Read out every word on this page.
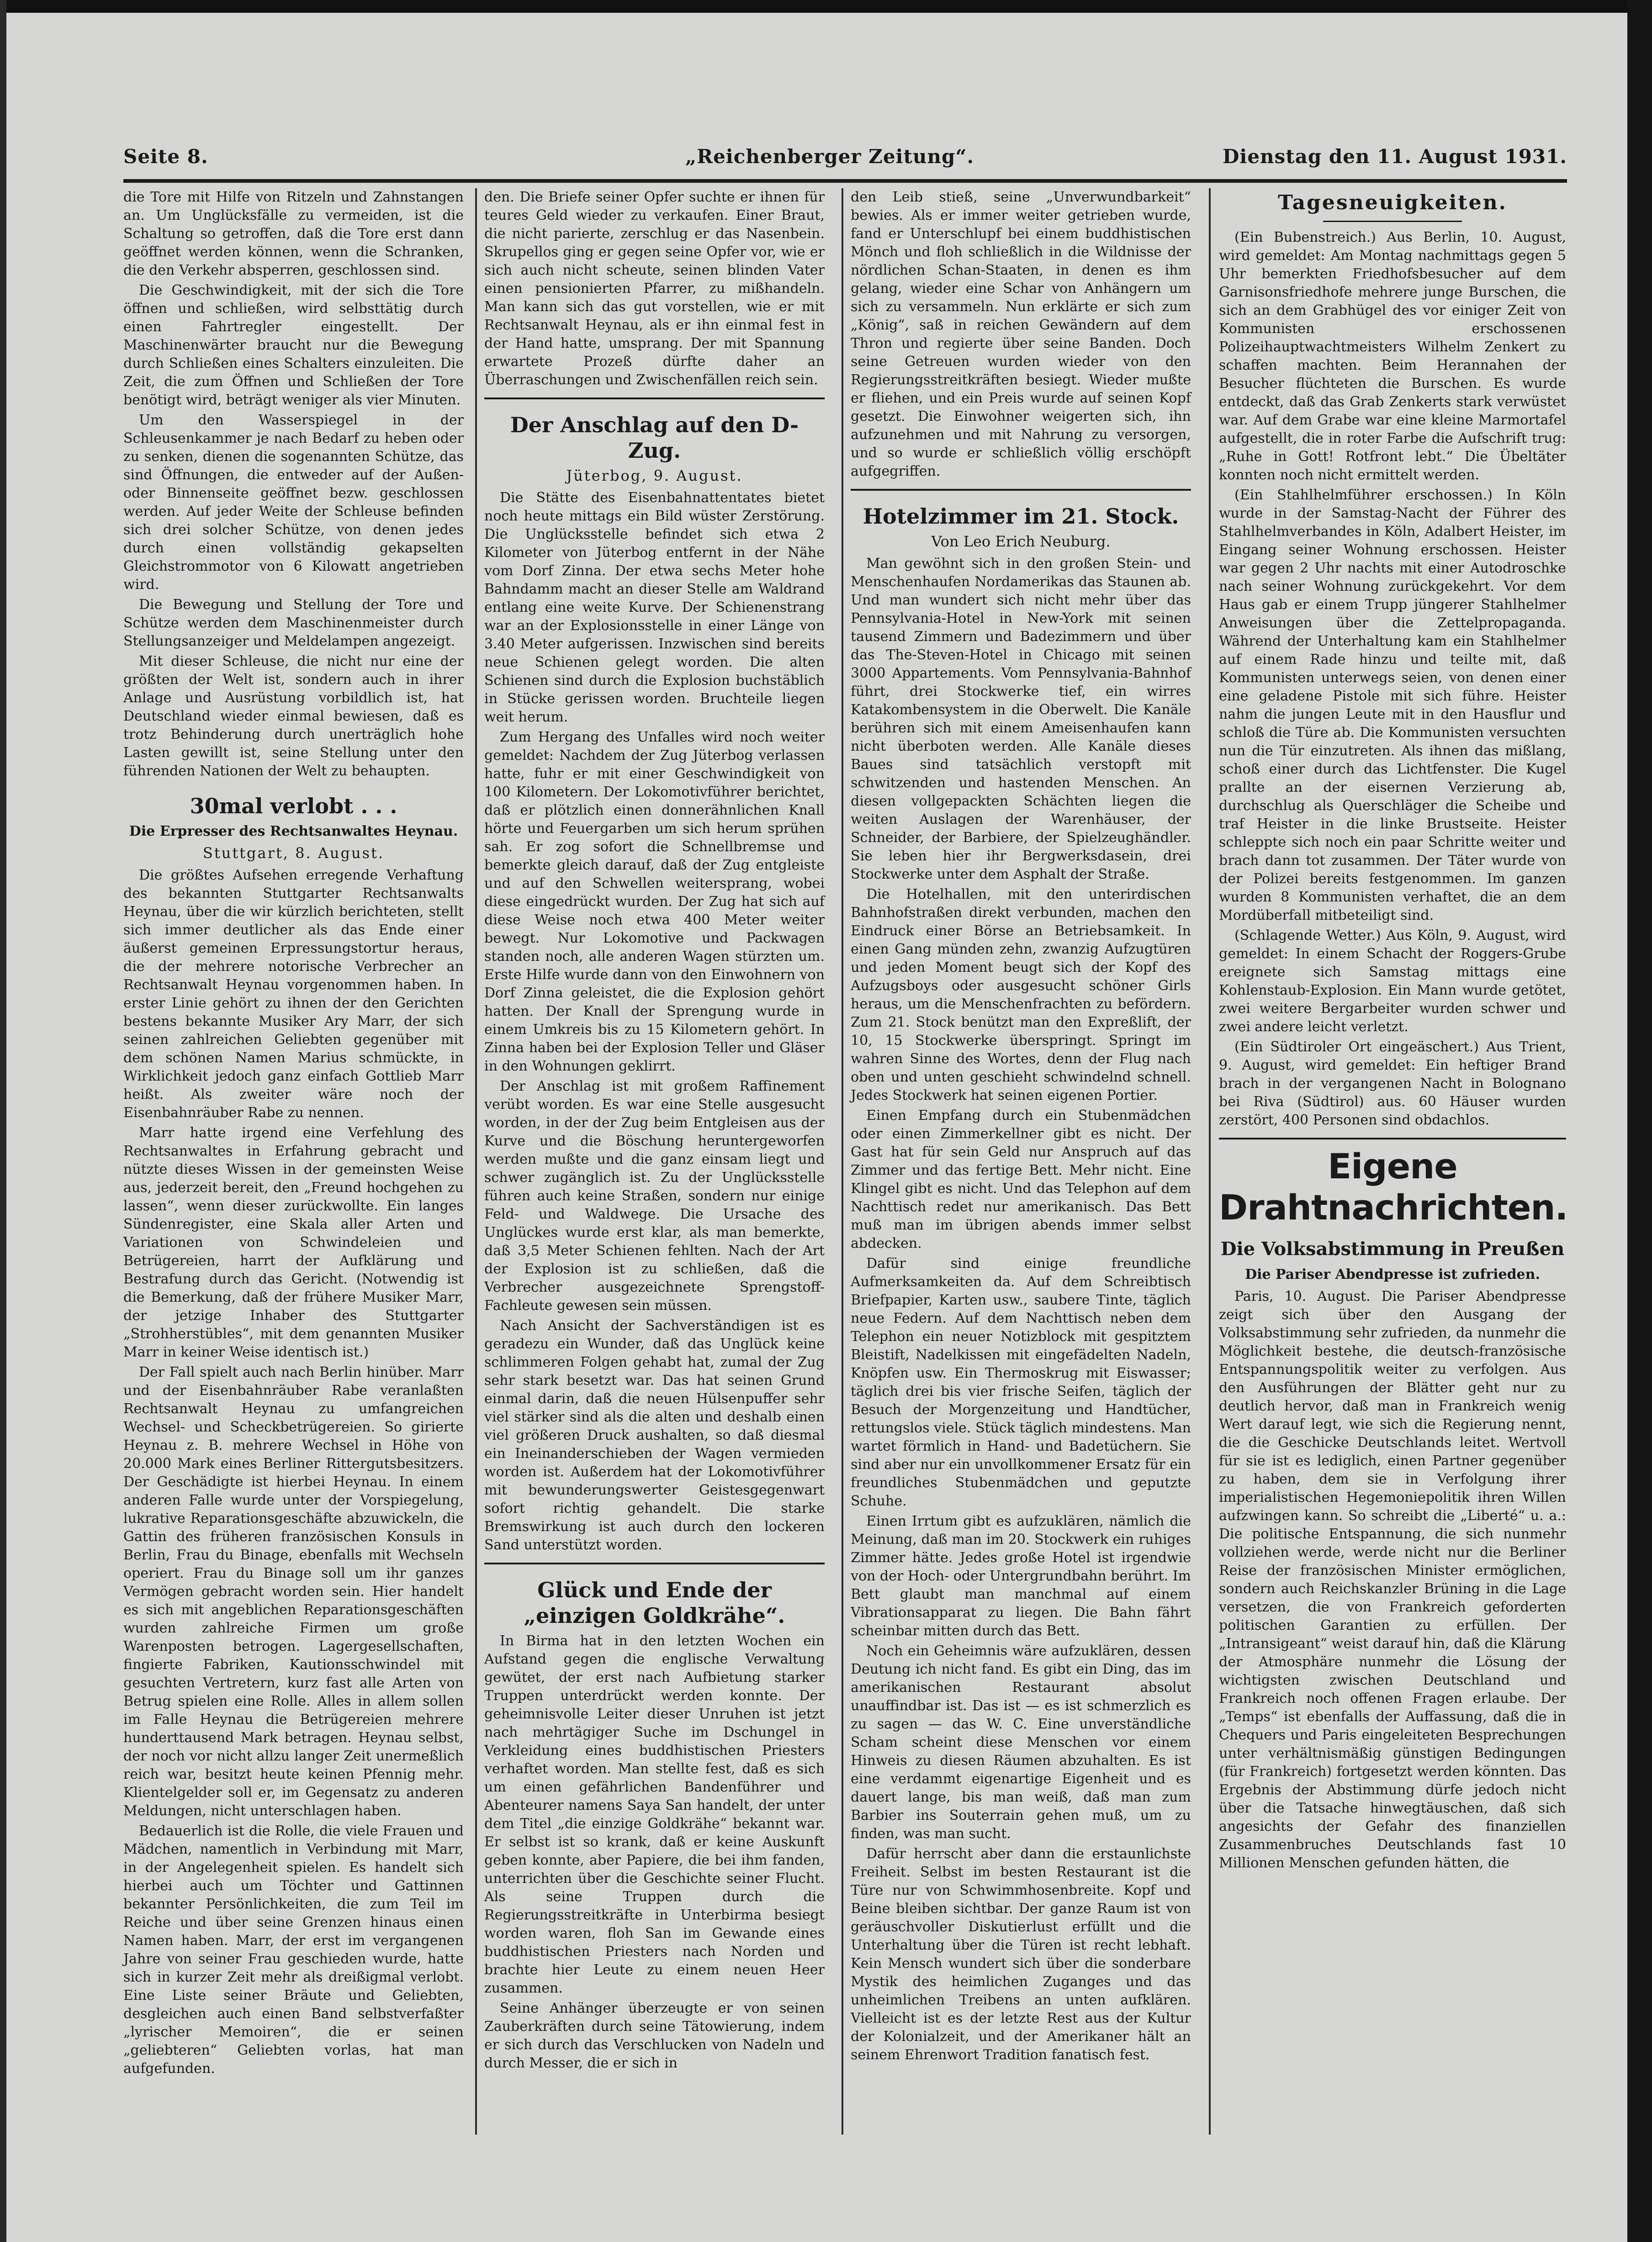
Seite 8.	„Reichenberger Zeitung“.	Dienstag den 11. August 1931.

die Tore mit Hilfe von Ritzeln und Zahnstangen an. Um Unglücksfälle zu vermeiden, ist die Schaltung so getroffen, daß die Tore erst dann geöffnet werden können, wenn die Schranken, die den Verkehr absperren, geschlossen sind.

Die Geschwindigkeit, mit der sich die Tore öffnen und schließen, wird selbsttätig durch einen Fahrtregler eingestellt. Der Maschinenwärter braucht nur die Bewegung durch Schließen eines Schalters einzuleiten. Die Zeit, die zum Öffnen und Schließen der Tore benötigt wird, beträgt weniger als vier Minuten.

Um den Wasserspiegel in der Schleusenkammer je nach Bedarf zu heben oder zu senken, dienen die sogenannten Schütze, das sind Öffnungen, die entweder auf der Außen- oder Binnenseite geöffnet bezw. geschlossen werden. Auf jeder Weite der Schleuse befinden sich drei solcher Schütze, von denen jedes durch einen vollständig gekapselten Gleichstrommotor von 6 Kilowatt angetrieben wird.

Die Bewegung und Stellung der Tore und Schütze werden dem Maschinenmeister durch Stellungsanzeiger und Meldelampen angezeigt.

Mit dieser Schleuse, die nicht nur eine der größten der Welt ist, sondern auch in ihrer Anlage und Ausrüstung vorbildlich ist, hat Deutschland wieder einmal bewiesen, daß es trotz Behinderung durch unerträglich hohe Lasten gewillt ist, seine Stellung unter den führenden Nationen der Welt zu behaupten.

30mal verlobt . . .
Die Erpresser des Rechtsanwaltes Heynau.
Stuttgart, 8. August.

Die größtes Aufsehen erregende Verhaftung des bekannten Stuttgarter Rechtsanwalts Heynau, über die wir kürzlich berichteten, stellt sich immer deutlicher als das Ende einer äußerst gemeinen Erpressungstortur heraus, die der mehrere notorische Verbrecher an Rechtsanwalt Heynau vorgenommen haben. In erster Linie gehört zu ihnen der den Gerichten bestens bekannte Musiker Ary Marr, der sich seinen zahlreichen Geliebten gegenüber mit dem schönen Namen Marius schmückte, in Wirklichkeit jedoch ganz einfach Gottlieb Marr heißt. Als zweiter wäre noch der Eisenbahnräuber Rabe zu nennen.

Marr hatte irgend eine Verfehlung des Rechtsanwaltes in Erfahrung gebracht und nützte dieses Wissen in der gemeinsten Weise aus, jederzeit bereit, den „Freund hochgehen zu lassen“, wenn dieser zurückwollte. Ein langes Sündenregister, eine Skala aller Arten und Variationen von Schwindeleien und Betrügereien, harrt der Aufklärung und Bestrafung durch das Gericht. (Notwendig ist die Bemerkung, daß der frühere Musiker Marr, der jetzige Inhaber des Stuttgarter „Strohherstübles“, mit dem genannten Musiker Marr in keiner Weise identisch ist.)

Der Fall spielt auch nach Berlin hinüber. Marr und der Eisenbahnräuber Rabe veranlaßten Rechtsanwalt Heynau zu umfangreichen Wechsel- und Scheckbetrügereien. So girierte Heynau z. B. mehrere Wechsel in Höhe von 20.000 Mark eines Berliner Rittergutsbesitzers. Der Geschädigte ist hierbei Heynau. In einem anderen Falle wurde unter der Vorspiegelung, lukrative Reparationsgeschäfte abzuwickeln, die Gattin des früheren französischen Konsuls in Berlin, Frau du Binage, ebenfalls mit Wechseln operiert. Frau du Binage soll um ihr ganzes Vermögen gebracht worden sein. Hier handelt es sich mit angeblichen Reparationsgeschäften wurden zahlreiche Firmen um große Warenposten betrogen. Lagergesellschaften, fingierte Fabriken, Kautionsschwindel mit gesuchten Vertretern, kurz fast alle Arten von Betrug spielen eine Rolle. Alles in allem sollen im Falle Heynau die Betrügereien mehrere hunderttausend Mark betragen. Heynau selbst, der noch vor nicht allzu langer Zeit unermeßlich reich war, besitzt heute keinen Pfennig mehr. Klientelgelder soll er, im Gegensatz zu anderen Meldungen, nicht unterschlagen haben.

Bedauerlich ist die Rolle, die viele Frauen und Mädchen, namentlich in Verbindung mit Marr, in der Angelegenheit spielen. Es handelt sich hierbei auch um Töchter und Gattinnen bekannter Persönlichkeiten, die zum Teil im Reiche und über seine Grenzen hinaus einen Namen haben. Marr, der erst im vergangenen Jahre von seiner Frau geschieden wurde, hatte sich in kurzer Zeit mehr als dreißigmal verlobt. Eine Liste seiner Bräute und Geliebten, desgleichen auch einen Band selbstverfaßter „lyrischer Memoiren“, die er seinen „geliebteren“ Geliebten vorlas, hat man aufgefunden.

den. Die Briefe seiner Opfer suchte er ihnen für teures Geld wieder zu verkaufen. Einer Braut, die nicht parierte, zerschlug er das Nasenbein. Skrupellos ging er gegen seine Opfer vor, wie er sich auch nicht scheute, seinen blinden Vater einen pensionierten Pfarrer, zu mißhandeln. Man kann sich das gut vorstellen, wie er mit Rechtsanwalt Heynau, als er ihn einmal fest in der Hand hatte, umsprang. Der mit Spannung erwartete Prozeß dürfte daher an Überraschungen und Zwischenfällen reich sein.

Der Anschlag auf den D-Zug.
Jüterbog, 9. August.

Die Stätte des Eisenbahnattentates bietet noch heute mittags ein Bild wüster Zerstörung. Die Unglücksstelle befindet sich etwa 2 Kilometer von Jüterbog entfernt in der Nähe vom Dorf Zinna. Der etwa sechs Meter hohe Bahndamm macht an dieser Stelle am Waldrand entlang eine weite Kurve. Der Schienenstrang war an der Explosionsstelle in einer Länge von 3.40 Meter aufgerissen. Inzwischen sind bereits neue Schienen gelegt worden. Die alten Schienen sind durch die Explosion buchstäblich in Stücke gerissen worden. Bruchteile liegen weit herum.

Zum Hergang des Unfalles wird noch weiter gemeldet: Nachdem der Zug Jüterbog verlassen hatte, fuhr er mit einer Geschwindigkeit von 100 Kilometern. Der Lokomotivführer berichtet, daß er plötzlich einen donnerähnlichen Knall hörte und Feuergarben um sich herum sprühen sah. Er zog sofort die Schnellbremse und bemerkte gleich darauf, daß der Zug entgleiste und auf den Schwellen weitersprang, wobei diese eingedrückt wurden. Der Zug hat sich auf diese Weise noch etwa 400 Meter weiter bewegt. Nur Lokomotive und Packwagen standen noch, alle anderen Wagen stürzten um. Erste Hilfe wurde dann von den Einwohnern von Dorf Zinna geleistet, die die Explosion gehört hatten. Der Knall der Sprengung wurde in einem Umkreis bis zu 15 Kilometern gehört. In Zinna haben bei der Explosion Teller und Gläser in den Wohnungen geklirrt.

Der Anschlag ist mit großem Raffinement verübt worden. Es war eine Stelle ausgesucht worden, in der der Zug beim Entgleisen aus der Kurve und die Böschung heruntergeworfen werden mußte und die ganz einsam liegt und schwer zugänglich ist. Zu der Unglücksstelle führen auch keine Straßen, sondern nur einige Feld- und Waldwege. Die Ursache des Unglückes wurde erst klar, als man bemerkte, daß 3,5 Meter Schienen fehlten. Nach der Art der Explosion ist zu schließen, daß die Verbrecher ausgezeichnete Sprengstoff-Fachleute gewesen sein müssen.

Nach Ansicht der Sachverständigen ist es geradezu ein Wunder, daß das Unglück keine schlimmeren Folgen gehabt hat, zumal der Zug sehr stark besetzt war. Das hat seinen Grund einmal darin, daß die neuen Hülsenpuffer sehr viel stärker sind als die alten und deshalb einen viel größeren Druck aushalten, so daß diesmal ein Ineinanderschieben der Wagen vermieden worden ist. Außerdem hat der Lokomotivführer mit bewunderungswerter Geistesgegenwart sofort richtig gehandelt. Die starke Bremswirkung ist auch durch den lockeren Sand unterstützt worden.

Glück und Ende der „einzigen Goldkrähe“.

In Birma hat in den letzten Wochen ein Aufstand gegen die englische Verwaltung gewütet, der erst nach Aufbietung starker Truppen unterdrückt werden konnte. Der geheimnisvolle Leiter dieser Unruhen ist jetzt nach mehrtägiger Suche im Dschungel in Verkleidung eines buddhistischen Priesters verhaftet worden. Man stellte fest, daß es sich um einen gefährlichen Bandenführer und Abenteurer namens Saya San handelt, der unter dem Titel „die einzige Goldkrähe“ bekannt war. Er selbst ist so krank, daß er keine Auskunft geben konnte, aber Papiere, die bei ihm fanden, unterrichten über die Geschichte seiner Flucht. Als seine Truppen durch die Regierungsstreitkräfte in Unterbirma besiegt worden waren, floh San im Gewande eines buddhistischen Priesters nach Norden und brachte hier Leute zu einem neuen Heer zusammen.

Seine Anhänger überzeugte er von seinen Zauberkräften durch seine Tätowierung, indem er sich durch das Verschlucken von Nadeln und durch Messer, die er sich in

den Leib stieß, seine „Unverwundbarkeit“ bewies. Als er immer weiter getrieben wurde, fand er Unterschlupf bei einem buddhistischen Mönch und floh schließlich in die Wildnisse der nördlichen Schan-Staaten, in denen es ihm gelang, wieder eine Schar von Anhängern um sich zu versammeln. Nun erklärte er sich zum „König“, saß in reichen Gewändern auf dem Thron und regierte über seine Banden. Doch seine Getreuen wurden wieder von den Regierungsstreitkräften besiegt. Wieder mußte er fliehen, und ein Preis wurde auf seinen Kopf gesetzt. Die Einwohner weigerten sich, ihn aufzunehmen und mit Nahrung zu versorgen, und so wurde er schließlich völlig erschöpft aufgegriffen.

Hotelzimmer im 21. Stock.
Von Leo Erich Neuburg.

Man gewöhnt sich in den großen Stein- und Menschenhaufen Nordamerikas das Staunen ab. Und man wundert sich nicht mehr über das Pennsylvania-Hotel in New-York mit seinen tausend Zimmern und Badezimmern und über das The-Steven-Hotel in Chicago mit seinen 3000 Appartements. Vom Pennsylvania-Bahnhof führt, drei Stockwerke tief, ein wirres Katakombensystem in die Oberwelt. Die Kanäle berühren sich mit einem Ameisenhaufen kann nicht überboten werden. Alle Kanäle dieses Baues sind tatsächlich verstopft mit schwitzenden und hastenden Menschen. An diesen vollgepackten Schächten liegen die weiten Auslagen der Warenhäuser, der Schneider, der Barbiere, der Spielzeughändler. Sie leben hier ihr Bergwerksdasein, drei Stockwerke unter dem Asphalt der Straße.

Die Hotelhallen, mit den unterirdischen Bahnhofstraßen direkt verbunden, machen den Eindruck einer Börse an Betriebsamkeit. In einen Gang münden zehn, zwanzig Aufzugtüren und jeden Moment beugt sich der Kopf des Aufzugsboys oder ausgesucht schöner Girls heraus, um die Menschenfrachten zu befördern. Zum 21. Stock benützt man den Expreßlift, der 10, 15 Stockwerke überspringt. Springt im wahren Sinne des Wortes, denn der Flug nach oben und unten geschieht schwindelnd schnell. Jedes Stockwerk hat seinen eigenen Portier.

Einen Empfang durch ein Stubenmädchen oder einen Zimmerkellner gibt es nicht. Der Gast hat für sein Geld nur Anspruch auf das Zimmer und das fertige Bett. Mehr nicht. Eine Klingel gibt es nicht. Und das Telephon auf dem Nachttisch redet nur amerikanisch. Das Bett muß man im übrigen abends immer selbst abdecken.

Dafür sind einige freundliche Aufmerksamkeiten da. Auf dem Schreibtisch Briefpapier, Karten usw., saubere Tinte, täglich neue Federn. Auf dem Nachttisch neben dem Telephon ein neuer Notizblock mit gespitztem Bleistift, Nadelkissen mit eingefädelten Nadeln, Knöpfen usw. Ein Thermoskrug mit Eiswasser; täglich drei bis vier frische Seifen, täglich der Besuch der Morgenzeitung und Handtücher, rettungslos viele. Stück täglich mindestens. Man wartet förmlich in Hand- und Badetüchern. Sie sind aber nur ein unvollkommener Ersatz für ein freundliches Stubenmädchen und geputzte Schuhe.

Einen Irrtum gibt es aufzuklären, nämlich die Meinung, daß man im 20. Stockwerk ein ruhiges Zimmer hätte. Jedes große Hotel ist irgendwie von der Hoch- oder Untergrundbahn berührt. Im Bett glaubt man manchmal auf einem Vibrationsapparat zu liegen. Die Bahn fährt scheinbar mitten durch das Bett.

Noch ein Geheimnis wäre aufzuklären, dessen Deutung ich nicht fand. Es gibt ein Ding, das im amerikanischen Restaurant absolut unauffindbar ist. Das ist — es ist schmerzlich es zu sagen — das W. C. Eine unverständliche Scham scheint diese Menschen vor einem Hinweis zu diesen Räumen abzuhalten. Es ist eine verdammt eigenartige Eigenheit und es dauert lange, bis man weiß, daß man zum Barbier ins Souterrain gehen muß, um zu finden, was man sucht.

Dafür herrscht aber dann die erstaunlichste Freiheit. Selbst im besten Restaurant ist die Türe nur von Schwimmhosenbreite. Kopf und Beine bleiben sichtbar. Der ganze Raum ist von geräuschvoller Diskutierlust erfüllt und die Unterhaltung über die Türen ist recht lebhaft. Kein Mensch wundert sich über die sonderbare Mystik des heimlichen Zuganges und das unheimlichen Treibens an unten aufklären. Vielleicht ist es der letzte Rest aus der Kultur der Kolonialzeit, und der Amerikaner hält an seinem Ehrenwort Tradition fanatisch fest.

Tagesneuigkeiten.

(Ein Bubenstreich.) Aus Berlin, 10. August, wird gemeldet: Am Montag nachmittags gegen 5 Uhr bemerkten Friedhofsbesucher auf dem Garnisonsfriedhofe mehrere junge Burschen, die sich an dem Grabhügel des vor einiger Zeit von Kommunisten erschossenen Polizeihauptwachtmeisters Wilhelm Zenkert zu schaffen machten. Beim Herannahen der Besucher flüchteten die Burschen. Es wurde entdeckt, daß das Grab Zenkerts stark verwüstet war. Auf dem Grabe war eine kleine Marmortafel aufgestellt, die in roter Farbe die Aufschrift trug: „Ruhe in Gott! Rotfront lebt.“ Die Übeltäter konnten noch nicht ermittelt werden.

(Ein Stahlhelmführer erschossen.) In Köln wurde in der Samstag-Nacht der Führer des Stahlhelmverbandes in Köln, Adalbert Heister, im Eingang seiner Wohnung erschossen. Heister war gegen 2 Uhr nachts mit einer Autodroschke nach seiner Wohnung zurückgekehrt. Vor dem Haus gab er einem Trupp jüngerer Stahlhelmer Anweisungen über die Zettelpropaganda. Während der Unterhaltung kam ein Stahlhelmer auf einem Rade hinzu und teilte mit, daß Kommunisten unterwegs seien, von denen einer eine geladene Pistole mit sich führe. Heister nahm die jungen Leute mit in den Hausflur und schloß die Türe ab. Die Kommunisten versuchten nun die Tür einzutreten. Als ihnen das mißlang, schoß einer durch das Lichtfenster. Die Kugel prallte an der eisernen Verzierung ab, durchschlug als Querschläger die Scheibe und traf Heister in die linke Brustseite. Heister schleppte sich noch ein paar Schritte weiter und brach dann tot zusammen. Der Täter wurde von der Polizei bereits festgenommen. Im ganzen wurden 8 Kommunisten verhaftet, die an dem Mordüberfall mitbeteiligt sind.

(Schlagende Wetter.) Aus Köln, 9. August, wird gemeldet: In einem Schacht der Roggers-Grube ereignete sich Samstag mittags eine Kohlenstaub-Explosion. Ein Mann wurde getötet, zwei weitere Bergarbeiter wurden schwer und zwei andere leicht verletzt.

(Ein Südtiroler Ort eingeäschert.) Aus Trient, 9. August, wird gemeldet: Ein heftiger Brand brach in der vergangenen Nacht in Bolognano bei Riva (Südtirol) aus. 60 Häuser wurden zerstört, 400 Personen sind obdachlos.

Eigene Drahtnachrichten.
Die Volksabstimmung in Preußen
Die Pariser Abendpresse ist zufrieden.

Paris, 10. August. Die Pariser Abendpresse zeigt sich über den Ausgang der Volksabstimmung sehr zufrieden, da nunmehr die Möglichkeit bestehe, die deutsch-französische Entspannungspolitik weiter zu verfolgen. Aus den Ausführungen der Blätter geht nur zu deutlich hervor, daß man in Frankreich wenig Wert darauf legt, wie sich die Regierung nennt, die die Geschicke Deutschlands leitet. Wertvoll für sie ist es lediglich, einen Partner gegenüber zu haben, dem sie in Verfolgung ihrer imperialistischen Hegemoniepolitik ihren Willen aufzwingen kann. So schreibt die „Liberté“ u. a.: Die politische Entspannung, die sich nunmehr vollziehen werde, werde nicht nur die Berliner Reise der französischen Minister ermöglichen, sondern auch Reichskanzler Brüning in die Lage versetzen, die von Frankreich geforderten politischen Garantien zu erfüllen. Der „Intransigeant“ weist darauf hin, daß die Klärung der Atmosphäre nunmehr die Lösung der wichtigsten zwischen Deutschland und Frankreich noch offenen Fragen erlaube. Der „Temps“ ist ebenfalls der Auffassung, daß die in Chequers und Paris eingeleiteten Besprechungen unter verhältnismäßig günstigen Bedingungen (für Frankreich) fortgesetzt werden könnten. Das Ergebnis der Abstimmung dürfe jedoch nicht über die Tatsache hinwegtäuschen, daß sich angesichts der Gefahr des finanziellen Zusammenbruches Deutschlands fast 10 Millionen Menschen gefunden hätten, die
